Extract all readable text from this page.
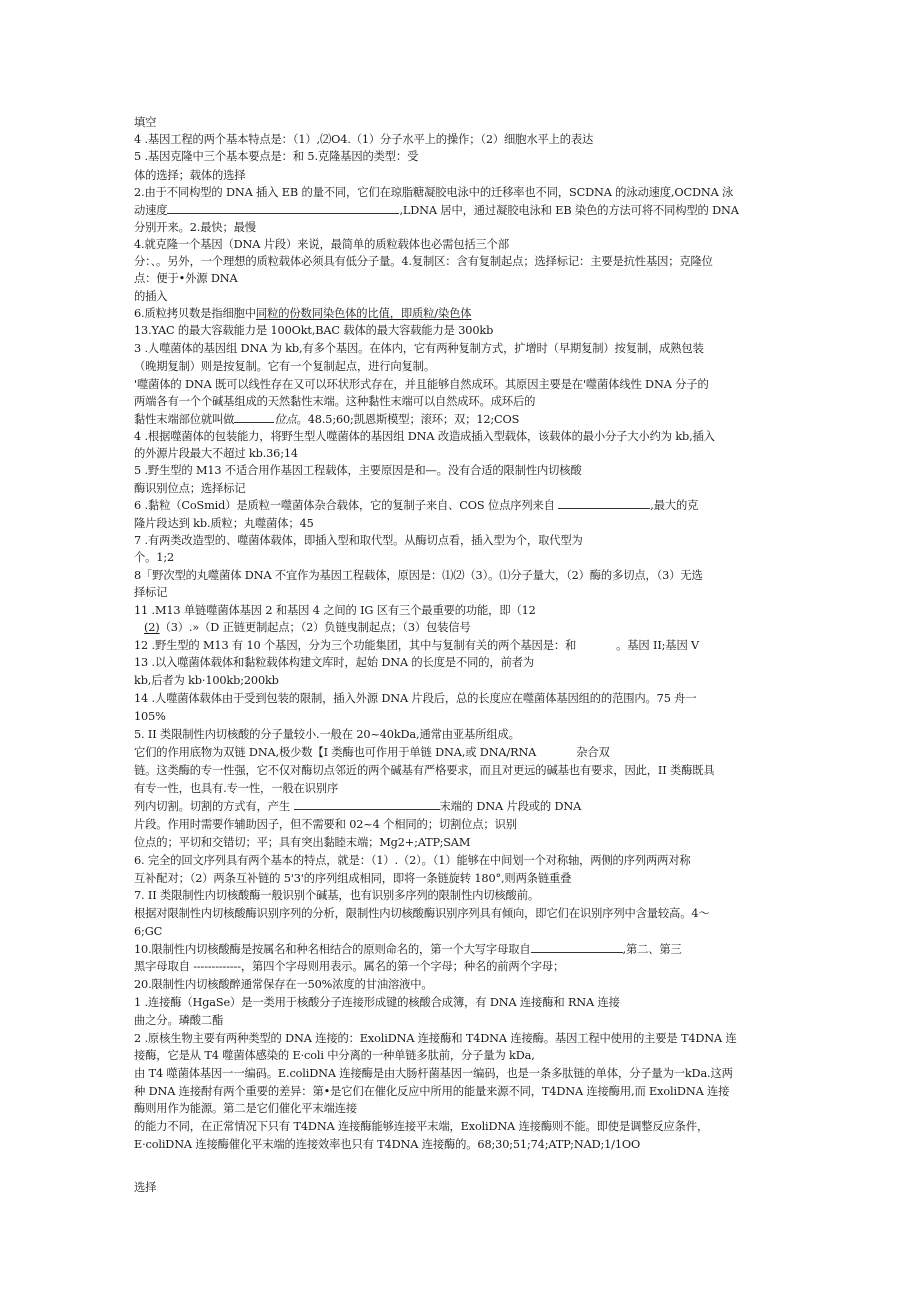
填空
4 .基因工程的两个基本特点是：（1）,⑵O4.（1）分子水平上的操作；（2）细胞水平上的表达
5 .基因克隆中三个基本要点是：和 5.克隆基因的类型：受
体的选择；载体的选择
2.由于不同构型的 DNA 插入 EB 的量不同，它们在琼脂糖凝胶电泳中的迁移率也不同，SCDNA 的泳动速度,OCDNA 泳
动速度	,LDNA 居中，通过凝胶电泳和 EB 染色的方法可将不同构型的 DNA
分别开来。2.最快；最慢
4.就克隆一个基因（DNA 片段）来说，最简单的质粒载体也必需包括三个部
分：、。另外，一个理想的质粒载体必须具有低分子量。4.复制区：含有复制起点；选择标记：主要是抗性基因；克隆位
点：便于•外源 DNA
的插入
6.质粒拷贝数是指细胞中同粒的份数同染色体的比值，即质粒/染色体
13.YAC 的最大容载能力是 100Okt,BAC 载体的最大容载能力是 300kb
3 .人噬菌体的基因组 DNA 为 kb,有多个基因。在体内，它有两种复制方式，扩增时（早期复制）按复制，成熟包装
（晚期复制）则是按复制。它有一个复制起点，进行向复制。
'噬菌体的 DNA 既可以线性存在又可以环状形式存在，并且能够自然成环。其原因主要是在'噬菌体线性 DNA 分子的
两端各有一个个碱基组成的天然黏性末端。这种黏性末端可以自然成环。成环后的
黏性末端部位就叫做	位点。48.5;60;凯恩斯模型；滚环；双；12;COS
4 .根据噬菌体的包装能力，将野生型人噬菌体的基因组 DNA 改造成插入型载体，该载体的最小分子大小约为 kb,插入
的外源片段最大不超过 kb.36;14
5 .野生型的 M13 不适合用作基因工程载体，主要原因是和—。没有合适的限制性内切核酸
酶识别位点；选择标记
6 .黏粒（CoSmid）是质粒一噬菌体杂合载体，它的复制子来自、COS 位点序列来自	,最大的克
隆片段达到 kb.质粒；丸噬菌体；45
7 .有两类改造型的、噬菌体载体，即插入型和取代型。从酶切点看，插入型为个，取代型为
个。1;2
8「野次型的丸噬菌体 DNA 不宜作为基因工程载体，原因是：⑴⑵（3）。⑴分子量大，（2）酶的多切点，（3）无选
择标记
11 .M13 单链噬菌体基因 2 和基因 4 之间的 IG 区有三个最重要的功能，即（12
(2)（3）.»（D 正链更制起点；（2）负链曳制起点；（3）包装信号
12 .野生型的 M13 有 10 个基因，分为三个功能集团，其中与复制有关的两个基因是：和	。基因 II;基因 V
13 .以入噬菌体载体和黏粒载体构建文库时，起始 DNA 的长度是不同的，前者为
kb,后者为 kb·100kb;200kb
14 .人噬菌体载体由于受到包装的限制，插入外源 DNA 片段后，总的长度应在噬菌体基因组的的范围内。75 舟一
105%
5. II 类限制性内切核酸的分子量较小.一般在 20~40kDa,通常由亚基所组成。
它们的作用底物为双链 DNA,极少数【I 类酶也可作用于单链 DNA,或 DNA/RNA	杂合双
链。这类酶的专一性强，它不仅对酶切点邻近的两个碱基有严格要求，而且对更远的碱基也有要求，因此，II 类酶既具
有专一性，也具有.专一性，一般在识别序
列内切割。切割的方式有，产生	末端的 DNA 片段或的 DNA
片段。作用时需要作辅助因子，但不需要和 02~4 个相同的；切割位点；识别
位点的；平切和交错切；平；具有突出黏睦末端；Mg2+;ATP;SAM
6. 完全的回文序列具有两个基本的特点，就是：（1）.（2）。（1）能够在中间划一个对称轴，两侧的序列两两对称
互补配对；（2）两条互补链的 5'3'的序列组成相同，即将一条链旋转 180°,则两条链重叠
7. II 类限制性内切核酸酶一般识别个碱基，也有识别多序列的限制性内切核酸前。
根据对限制性内切核酸酶识别序列的分析，限制性内切核酸酶识别序列具有倾向，即它们在识别序列中含量较高。4〜
6;GC
10.限制性内切核酸酶是按属名和种名相结合的原则命名的，第一个大写字母取自	,第二、第三
黑字母取自 -------------，第四个字母则用表示。属名的第一个字母；种名的前两个字母；
20.限制性内切核酸醉通常保存在一50%浓度的甘油溶液中。
1 .连接酶（HgaSe）是一类用于核酸分子连接形成键的核酸合成簿，有 DNA 连接酶和 RNA 连接
曲之分。璘酸二酯
2 .原核生物主要有两种类型的 DNA 连接的：ExoliDNA 连接酶和 T4DNA 连接酶。基因工程中使用的主要是 T4DNA 连
接酶，它是从 T4 噬菌体感染的 E·coli 中分离的一种单链多肽前，分子量为 kDa,
由 T4 噬菌体基因一一编码。E.coliDNA 连接酶是由大肠杆菌基因一编码，也是一条多肽链的单体，分子量为一kDa.这两
种 DNA 连接酎有两个重要的差异：第•是它们在催化反应中所用的能量来源不同，T4DNA 连接酶用,而 ExoliDNA 连接
酶则用作为能源。第二是它们催化平末端连接
的能力不同，在正常情况下只有 T4DNA 连接酶能够连接平末端，ExoliDNA 连接酶则不能。即使是调整反应条件，
E·coliDNA 连接酶催化平末端的连接效率也只有 T4DNA 连接酶的。68;30;51;74;ATP;NAD;1/1OO
选择
